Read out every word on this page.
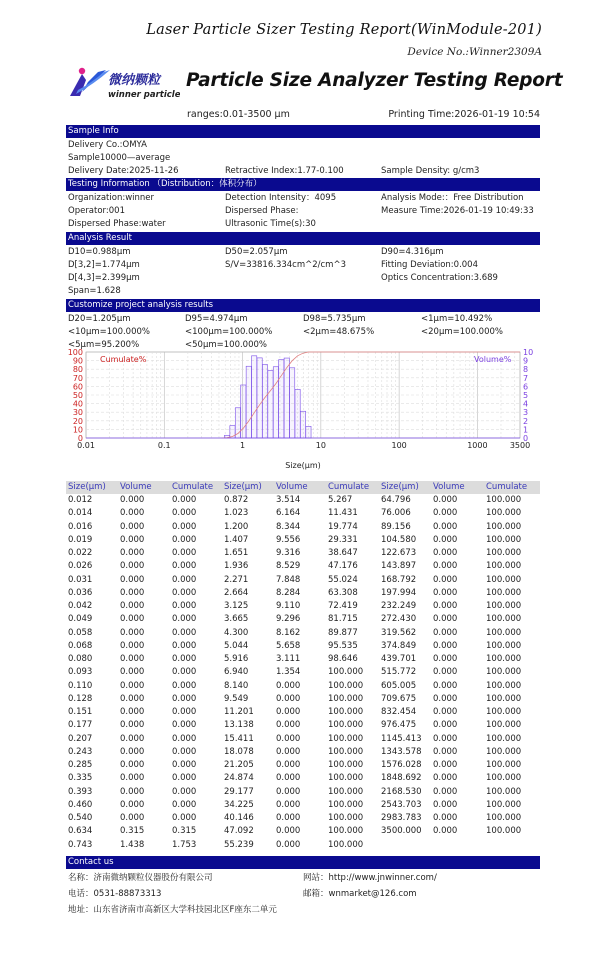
Laser Particle Sizer Testing Report(WinModule-201)
Device No.:Winner2309A
微纳颗粒
winner particle
Particle Size Analyzer Testing Report
ranges:0.01-3500 µm	Printing Time:2026-01-19 10:54
Sample Info
Delivery Co.:OMYA
Sample10000—average
Delivery Date:2025-11-26	Retractive Index:1.77-0.100	Sample Density: g/cm3
Testing Information （Distribution：体积分布）
Organization:winner	Detection Intensity：4095	Analysis Mode:：Free Distribution
Operator:001	Dispersed Phase:	Measure Time:2026-01-19 10:49:33
Dispersed Phase:water	Ultrasonic Time(s):30
Analysis Result
D10=0.988µm	D50=2.057µm	D90=4.316µm
D[3,2]=1.774µm	S/V=33816.334cm^2/cm^3	Fitting Deviation:0.004
D[4,3]=2.399µm	Optics Concentration:3.689
Span=1.628
Customize project analysis results
D20=1.205µm	D95=4.974µm	D98=5.735µm	<1µm=10.492%
<10µm=100.000%	<100µm=100.000%	<2µm=48.675%	<20µm=100.000%
<5µm=95.200%	<50µm=100.000%
0
10
20
30
40
50
60
70
80
90
100
0
1
2
3
4
5
6
7
8
9
10
0.01	0.1	1	10	100	1000	3500
Cumulate%	Volume%
Size(µm)
Size(µm) Volume Cumulate Size(µm) Volume Cumulate Size(µm) Volume	Cumulate
0.012	0.000	0.000	0.872	3.514	5.267	64.796	0.000	100.000
0.014	0.000	0.000	1.023	6.164	11.431	76.006	0.000	100.000
0.016	0.000	0.000	1.200	8.344	19.774	89.156	0.000	100.000
0.019	0.000	0.000	1.407	9.556	29.331	104.580 0.000	100.000
0.022	0.000	0.000	1.651	9.316	38.647	122.673 0.000	100.000
0.026	0.000	0.000	1.936	8.529	47.176	143.897 0.000	100.000
0.031	0.000	0.000	2.271	7.848	55.024	168.792 0.000	100.000
0.036	0.000	0.000	2.664	8.284	63.308	197.994 0.000	100.000
0.042	0.000	0.000	3.125	9.110	72.419	232.249 0.000	100.000
0.049	0.000	0.000	3.665	9.296	81.715	272.430 0.000	100.000
0.058	0.000	0.000	4.300	8.162	89.877	319.562 0.000	100.000
0.068	0.000	0.000	5.044	5.658	95.535	374.849 0.000	100.000
0.080	0.000	0.000	5.916	3.111	98.646	439.701 0.000	100.000
0.093	0.000	0.000	6.940	1.354	100.000 515.772 0.000	100.000
0.110	0.000	0.000	8.140	0.000	100.000 605.005 0.000	100.000
0.128	0.000	0.000	9.549	0.000	100.000 709.675 0.000	100.000
0.151	0.000	0.000	11.201	0.000	100.000 832.454 0.000	100.000
0.177	0.000	0.000	13.138	0.000	100.000 976.475 0.000	100.000
0.207	0.000	0.000	15.411	0.000	100.000 1145.413 0.000	100.000
0.243	0.000	0.000	18.078	0.000	100.000 1343.578 0.000	100.000
0.285	0.000	0.000	21.205	0.000	100.000 1576.028 0.000	100.000
0.335	0.000	0.000	24.874	0.000	100.000 1848.692 0.000	100.000
0.393	0.000	0.000	29.177	0.000	100.000 2168.530 0.000	100.000
0.460	0.000	0.000	34.225	0.000	100.000 2543.703 0.000	100.000
0.540	0.000	0.000	40.146	0.000	100.000 2983.783 0.000	100.000
0.634	0.315	0.315	47.092	0.000	100.000 3500.000 0.000	100.000
0.743	1.438	1.753	55.239	0.000	100.000
Contact us
名称：济南微纳颗粒仪器股份有限公司	网站：http://www.jnwinner.com/
电话：0531-88873313	邮箱：wnmarket@126.com
地址：山东省济南市高新区大学科技园北区F座东二单元
